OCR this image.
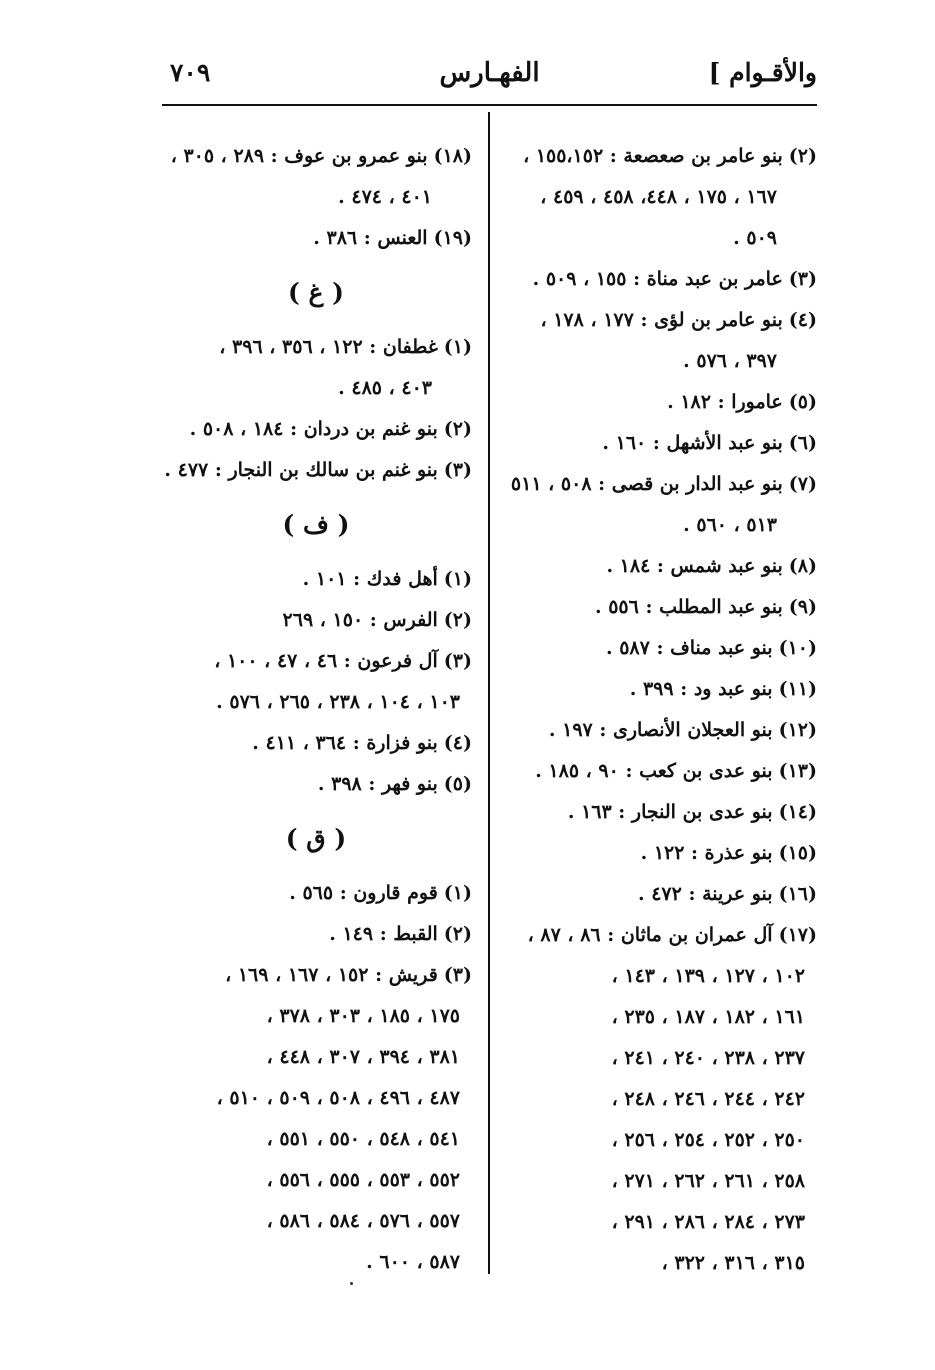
والأقـوام ]
الفهـارس
٧٠٩
(٢)بنو عامر بن صعصعة : ١٥٥،١٥٢ ،
١٦٧ ، ١٧٥ ، ٤٤٨، ٤٥٨ ، ٤٥٩ ،
٥٠٩ .
(٣)عامر بن عبد مناة : ١٥٥ ، ٥٠٩ .
(٤)بنو عامر بن لؤى : ١٧٧ ، ١٧٨ ،
٣٩٧ ، ٥٧٦ .
(٥)عامورا : ١٨٢ .
(٦)بنو عبد الأشهل : ١٦٠ .
(٧)بنو عبد الدار بن قصى : ٥٠٨ ، ٥١١
٥١٣ ، ٥٦٠ .
(٨)بنو عبد شمس : ١٨٤ .
(٩)بنو عبد المطلب : ٥٥٦ .
(١٠)بنو عبد مناف : ٥٨٧ .
(١١)بنو عبد ود : ٣٩٩ .
(١٢)بنو العجلان الأنصارى : ١٩٧ .
(١٣)بنو عدى بن كعب : ٩٠ ، ١٨٥ .
(١٤)بنو عدى بن النجار : ١٦٣ .
(١٥)بنو عذرة : ١٢٢ .
(١٦)بنو عرينة : ٤٧٢ .
(١٧)آل عمران بن ماثان : ٨٦ ، ٨٧ ،
١٠٢ ، ١٢٧ ، ١٣٩ ، ١٤٣ ،
١٦١ ، ١٨٢ ، ١٨٧ ، ٢٣٥ ،
٢٣٧ ، ٢٣٨ ، ٢٤٠ ، ٢٤١ ،
٢٤٢ ، ٢٤٤ ، ٢٤٦ ، ٢٤٨ ،
٢٥٠ ، ٢٥٢ ، ٢٥٤ ، ٢٥٦ ،
٢٥٨ ، ٢٦١ ، ٢٦٢ ، ٢٧١ ،
٢٧٣ ، ٢٨٤ ، ٢٨٦ ، ٢٩١ ،
٣١٥ ، ٣١٦ ، ٣٢٢ ،
(١٨)بنو عمرو بن عوف : ٢٨٩ ، ٣٠٥ ،
٤٠١ ، ٤٧٤ .
(١٩)العنس : ٣٨٦ .
( غ )
(١)غطفان : ١٢٢ ، ٣٥٦ ، ٣٩٦ ،
٤٠٣ ، ٤٨٥ .
(٢)بنو غنم بن دردان : ١٨٤ ، ٥٠٨ .
(٣)بنو غنم بن سالك بن النجار : ٤٧٧ .
( ف )
(١)أهل فدك : ١٠١ .
(٢)الفرس : ١٥٠ ، ٢٦٩
(٣)آل فرعون : ٤٦ ، ٤٧ ، ١٠٠ ،
١٠٣ ، ١٠٤ ، ٢٣٨ ، ٢٦٥ ، ٥٧٦ .
(٤)بنو فزارة : ٣٦٤ ، ٤١١ .
(٥)بنو فهر : ٣٩٨ .
( ق )
(١)قوم قارون : ٥٦٥ .
(٢)القبط : ١٤٩ .
(٣)قريش : ١٥٢ ، ١٦٧ ، ١٦٩ ،
١٧٥ ، ١٨٥ ، ٣٠٣ ، ٣٧٨ ،
٣٨١ ، ٣٩٤ ، ٣٠٧ ، ٤٤٨ ،
٤٨٧ ، ٤٩٦ ، ٥٠٨ ، ٥٠٩ ، ٥١٠ ،
٥٤١ ، ٥٤٨ ، ٥٥٠ ، ٥٥١ ،
٥٥٢ ، ٥٥٣ ، ٥٥٥ ، ٥٥٦ ،
٥٥٧ ، ٥٧٦ ، ٥٨٤ ، ٥٨٦ ،
٥٨٧ ، ٦٠٠ .
